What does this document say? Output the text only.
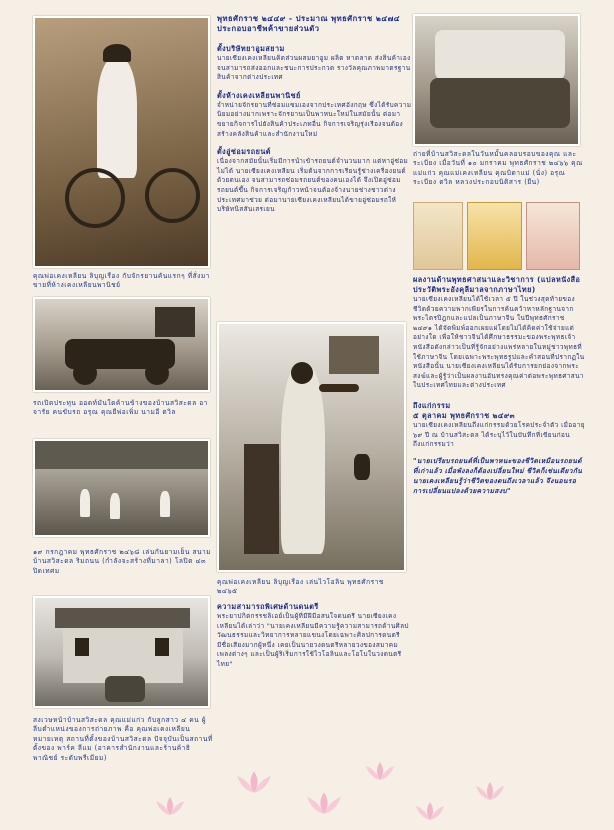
คุณพ่อเคงเหลียน ลิบุญเรือง กับจักรยานคันแรกๆ ที่สั่งมาขายที่ห้างเคงเหลียนพานิชย์
รถเปิดประทุน ออดท์มันใดค้านข้างของบ้านสวิสะดล อาจารัย คนขับรถ อรุณ คุณยีพ่อเพิ่ม นามอี ตวิล
๑๙ กรกฎาคม พุทธศักราช ๒๔๖๘ เล่นกันยามเย็น สนามบ้านสวิสะดล ริมถนน (กำลังจะสร้างที่มาลา) โลปิต ๔๓ ปิดเทศม
สงเวษหน้าบ้านสวิสะดล คุณแม่แก่ว กับลูกสาว ๔ คน ผู้ลีบตำแหน่งของการถ่ายภาพ คือ คุณพ่อเคงเหลียน หมายเหตุ สถานที่ตั้งของบ้านสวิสะดล ปัจจุบันเป็นสถานที่ตั้งของ พาร์ค ลีแม (อาคารสำนักงานและร้านค้าธิพาณิชย์ ระดับพรีเมียม)
พุทธศักราช ๒๔๔๙ - ประมาณ พุทธศักราช ๒๔๗๔ ประกอบอาชีพค้าขายส่วนตัว
ตั้งบริษัทยาอูมสยาม
นายเซียงเคงเหลียนคิดส่วนผสมยาอูม ผลิต หาตลาด ส่งสินค้าเอง จนสามารถส่งออกและชนะการประกวด รางวัลคุณภาพมาตรฐานสินค้าจากต่างประเทศ
ตั้งห้างเคงเหลียนพานิชย์
จำหน่ายจักรยานที่ซ่อมแซมเองจากประเทศอังกฤษ ซึ่งได้รับความนิยมอย่างมากเพราะจักรยานเป็นพาหนะใหม่ในสมัยนั้น ต่อมาขยายกิจการไปยังสินค้าประเภทอื่น กิจการเจริญรุ่งเรืองจนต้องสร้างคลังสินค้าและสำนักงานใหม่
ตั้งอู่ซ่อมรถยนต์
เนื่องจากสมัยนั้นเริ่มมีการนำเข้ารถยนต์จำนวนมาก แต่หาอู่ซ่อมไม่ได้ นายเซียงเคงเหลียน เริ่มต้นจากการเรียนรู้ช่างเครื่องยนต์ด้วยตนเอง จนสามารถซ่อมรถยนต์ของคนเองได้ จึงเปิดอู่ซ่อมรถยนต์ขึ้น กิจการเจริญก้าวหน้าจนต้องจ้างนายช่างชาวต่างประเทศมาช่วย ต่อมานายเซียงเคงเหลียนได้ขายอู่ซ่อมรถให้บริษัทนิสสันเสรเยน
คุณพ่อเคงเหลียน ลิบุญเรือง เล่นไวโอลิน พุทธศักราช ๒๔๖๕
ความสามารถพิเศษด้านดนตรี
พระยาปกิตกรรชลิเอย์เป็นผู้ที่มีฝีมือสนใจดนตรี นายเซียงเคงเหลียนได้เล่าว่า "นายเคงเหลียนมีความรู้ความสามารถด้านศิลปวัฒนธรรมและวิทยาการหลายแขนงโดยเฉพาะศิลปการดนตรี มีชื่อเสียงมากผู้หนึ่ง เคยเป็นนายวงดนตรีหลายวงของสมาคมเพลงต่างๆ และเป็นผู้ริเริ่มการใช้ไวโอลินและโอโบในวงดนตรีไทย"
ถ่ายที่บ้านสวิสะดลในวันหมั้นคลอบรอบของคุณ และ ระเบียง เมื่อวันที่ ๑๐ มกราคม พุทธศักราช ๒๔๖๖ คุณแม่แก่ว คุณแม่เคงเหลียน คุณบิดาแม่ (นั่ง) อรุณ ระเบียง ตวิล หลวงประกอบนิติสาร (ยืน)
ผลงานด้านพุทธศาสนาและวิชาการ (แปลหนังสือประวัติพระอังคุลีมาลจากภาษาไทย)
นายเซียงเคงเหลียนได้ใช้เวลา ๕ ปี ในช่วงสุดท้ายของชีวิตด้วยความพากเพียรในการค้นคว้าหาหลักฐานจากพระไตรปิฎกและแปลเป็นภาษาจีน ในปีพุทธศักราช ๒๔๙๑ ได้จัดพิมพ์ออกเผยแผ่โดยไม่ได้คิดค่าใช้จ่ายแต่อย่างใด เพื่อให้ชาวจีนได้ศึกษาธรรมะของพระพุทธเจ้า หนังสือดังกล่าวเป็นที่รู้จักอย่างแพร่หลายในหมู่ชาวพุทธที่ใช้ภาษาจีน โดยเฉพาะพระพุทธรูปและคำสอนที่ปรากฏในหนังสือนั้น นายเซียงเคงเหลียนได้รับการยกย่องจากพระสงฆ์และผู้รู้ว่าเป็นผลงานอันทรงคุณค่าต่อพระพุทธศาสนาในประเทศไทยและต่างประเทศ
ถึงแก่กรรม
๕ ตุลาคม พุทธศักราช ๒๔๙๓
นายเซียงเคงเหลียนถึงแก่กรรมด้วยโรคประจำตัว เมื่ออายุ ๖๙ ปี ณ บ้านสวิสะดล ได้ระบุไว้ในบันทึกที่เขียนก่อนถึงแก่กรรมว่า
"นายเปรียบรถยนต์ที่เป็นพาหนะของชีวิตเหมือนรถยนต์ที่เก่าแล้ว เมื่อพังลงก็ต้องเปลี่ยนใหม่ ชีวิตก็เช่นเดียวกัน นายเคงเหลียนรู้ว่าชีวิตของตนถึงเวลาแล้ว จึงนอนรอการเปลี่ยนแปลงด้วยความสงบ"
